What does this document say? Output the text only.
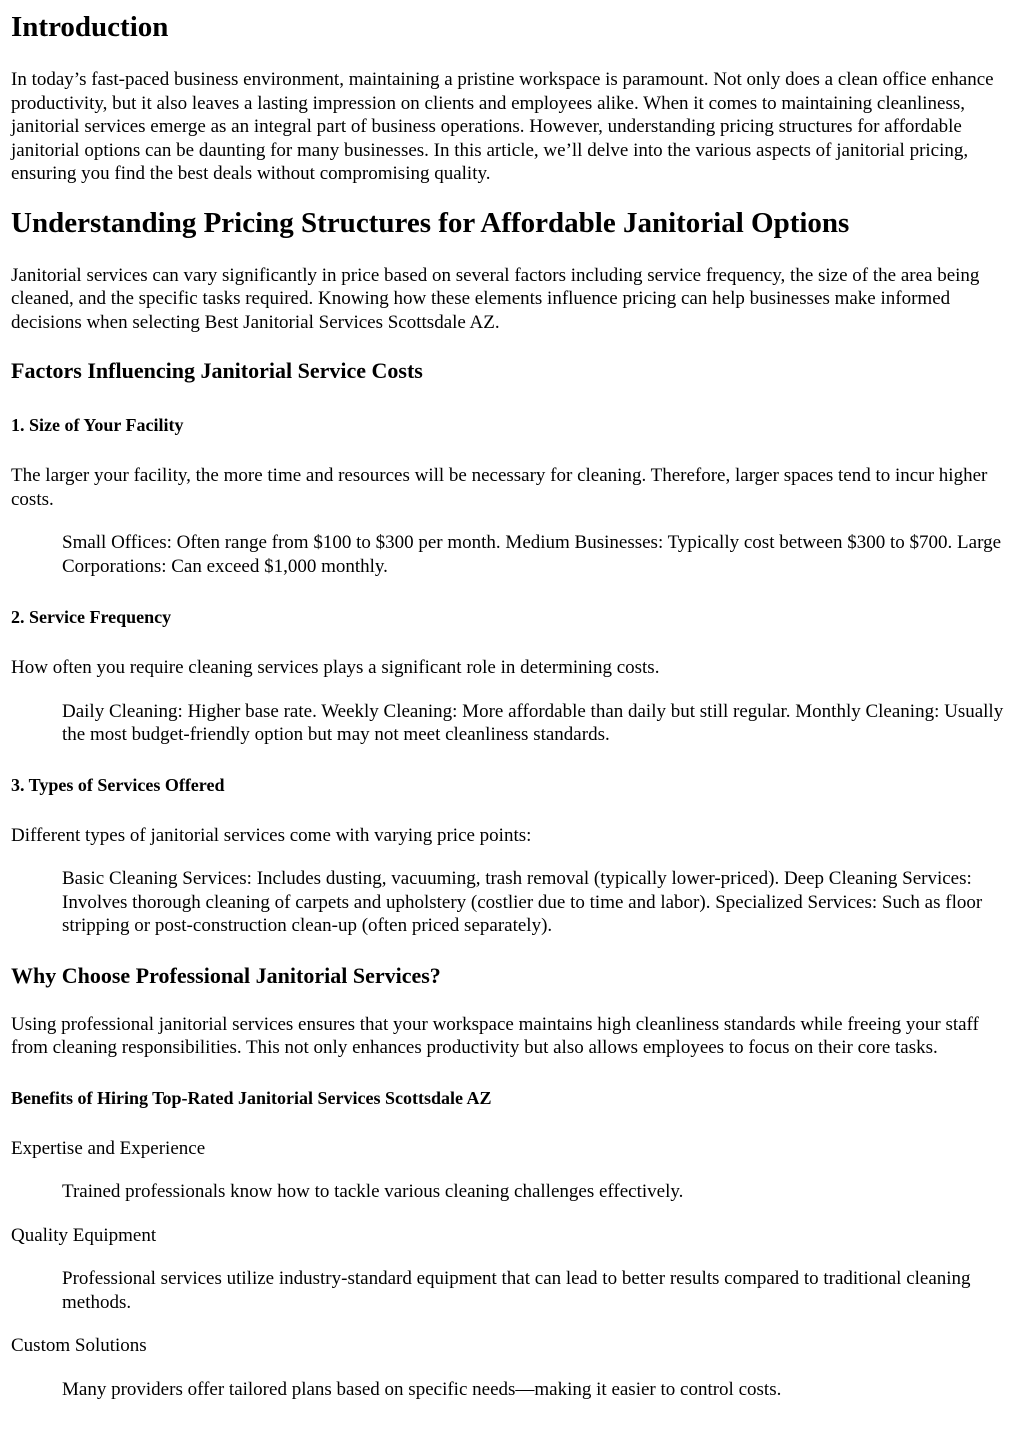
Introduction

In today’s fast-paced business environment, maintaining a pristine workspace is paramount. Not only does a clean office enhance productivity, but it also leaves a lasting impression on clients and employees alike. When it comes to maintaining cleanliness, janitorial services emerge as an integral part of business operations. However, understanding pricing structures for affordable janitorial options can be daunting for many businesses. In this article, we’ll delve into the various aspects of janitorial pricing, ensuring you find the best deals without compromising quality.

Understanding Pricing Structures for Affordable Janitorial Options

Janitorial services can vary significantly in price based on several factors including service frequency, the size of the area being cleaned, and the specific tasks required. Knowing how these elements influence pricing can help businesses make informed decisions when selecting Best Janitorial Services Scottsdale AZ.

Factors Influencing Janitorial Service Costs
1. Size of Your Facility

The larger your facility, the more time and resources will be necessary for cleaning. Therefore, larger spaces tend to incur higher costs.

Small Offices: Often range from $100 to $300 per month. Medium Businesses: Typically cost between $300 to $700. Large Corporations: Can exceed $1,000 monthly.

2. Service Frequency

How often you require cleaning services plays a significant role in determining costs.

Daily Cleaning: Higher base rate. Weekly Cleaning: More affordable than daily but still regular. Monthly Cleaning: Usually the most budget-friendly option but may not meet cleanliness standards.

3. Types of Services Offered

Different types of janitorial services come with varying price points:

Basic Cleaning Services: Includes dusting, vacuuming, trash removal (typically lower-priced). Deep Cleaning Services: Involves thorough cleaning of carpets and upholstery (costlier due to time and labor). Specialized Services: Such as floor stripping or post-construction clean-up (often priced separately).

Why Choose Professional Janitorial Services?

Using professional janitorial services ensures that your workspace maintains high cleanliness standards while freeing your staff from cleaning responsibilities. This not only enhances productivity but also allows employees to focus on their core tasks.

Benefits of Hiring Top-Rated Janitorial Services Scottsdale AZ

Expertise and Experience

Trained professionals know how to tackle various cleaning challenges effectively.

Quality Equipment

Professional services utilize industry-standard equipment that can lead to better results compared to traditional cleaning methods.

Custom Solutions

Many providers offer tailored plans based on specific needs—making it easier to control costs.
